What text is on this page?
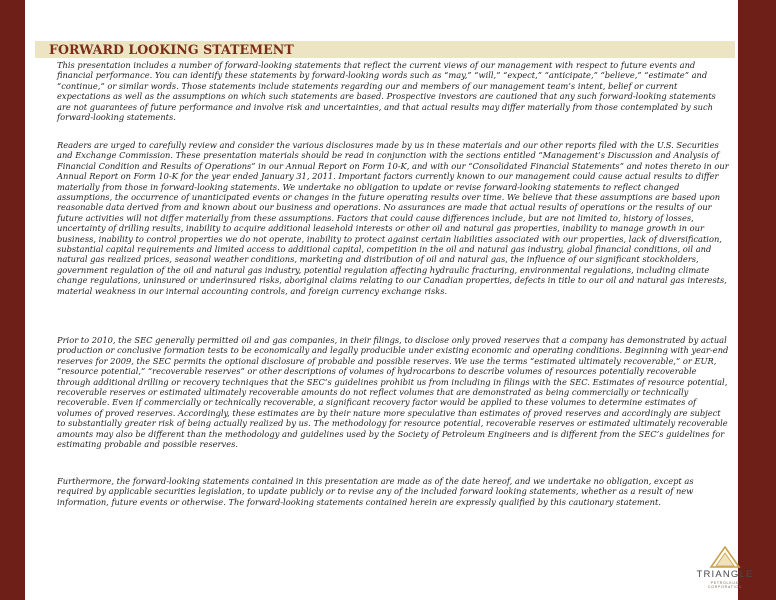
FORWARD LOOKING STATEMENT

This presentation includes a number of forward-looking statements that reflect the current views of our management with respect to future events and financial performance. You can identify these statements by forward-looking words such as “may,” “will,” “expect,” “anticipate,” “believe,” “estimate” and “continue,” or similar words. Those statements include statements regarding our and members of our management team’s intent, belief or current expectations as well as the assumptions on which such statements are based. Prospective investors are cautioned that any such forward-looking statements are not guarantees of future performance and involve risk and uncertainties, and that actual results may differ materially from those contemplated by such forward-looking statements.

Readers are urged to carefully review and consider the various disclosures made by us in these materials and our other reports filed with the U.S. Securities and Exchange Commission. These presentation materials should be read in conjunction with the sections entitled “Management’s Discussion and Analysis of Financial Condition and Results of Operations” in our Annual Report on Form 10-K, and with our “Consolidated Financial Statements” and notes thereto in our Annual Report on Form 10-K for the year ended January 31, 2011. Important factors currently known to our management could cause actual results to differ materially from those in forward-looking statements. We undertake no obligation to update or revise forward-looking statements to reflect changed assumptions, the occurrence of unanticipated events or changes in the future operating results over time. We believe that these assumptions are based upon reasonable data derived from and known about our business and operations. No assurances are made that actual results of operations or the results of our future activities will not differ materially from these assumptions. Factors that could cause differences include, but are not limited to, history of losses, uncertainty of drilling results, inability to acquire additional leasehold interests or other oil and natural gas properties, inability to manage growth in our business, inability to control properties we do not operate, inability to protect against certain liabilities associated with our properties, lack of diversification, substantial capital requirements and limited access to additional capital, competition in the oil and natural gas industry, global financial conditions, oil and natural gas realized prices, seasonal weather conditions, marketing and distribution of oil and natural gas, the influence of our significant stockholders, government regulation of the oil and natural gas industry, potential regulation affecting hydraulic fracturing, environmental regulations, including climate change regulations, uninsured or underinsured risks, aboriginal claims relating to our Canadian properties, defects in title to our oil and natural gas interests, material weakness in our internal accounting controls, and foreign currency exchange risks.

Prior to 2010, the SEC generally permitted oil and gas companies, in their filings, to disclose only proved reserves that a company has demonstrated by actual production or conclusive formation tests to be economically and legally producible under existing economic and operating conditions. Beginning with year-end reserves for 2009, the SEC permits the optional disclosure of probable and possible reserves. We use the terms “estimated ultimately recoverable,” or EUR, “resource potential,” “recoverable reserves” or other descriptions of volumes of hydrocarbons to describe volumes of resources potentially recoverable through additional drilling or recovery techniques that the SEC’s guidelines prohibit us from including in filings with the SEC. Estimates of resource potential, recoverable reserves or estimated ultimately recoverable amounts do not reflect volumes that are demonstrated as being commercially or technically recoverable. Even if commercially or technically recoverable, a significant recovery factor would be applied to these volumes to determine estimates of volumes of proved reserves. Accordingly, these estimates are by their nature more speculative than estimates of proved reserves and accordingly are subject to substantially greater risk of being actually realized by us. The methodology for resource potential, recoverable reserves or estimated ultimately recoverable amounts may also be different than the methodology and guidelines used by the Society of Petroleum Engineers and is different from the SEC’s guidelines for estimating probable and possible reserves.

Furthermore, the forward-looking statements contained in this presentation are made as of the date hereof, and we undertake no obligation, except as required by applicable securities legislation, to update publicly or to revise any of the included forward looking statements, whether as a result of new information, future events or otherwise. The forward-looking statements contained herein are expressly qualified by this cautionary statement.

TRIANGLE
PETROLEUM CORPORATION
